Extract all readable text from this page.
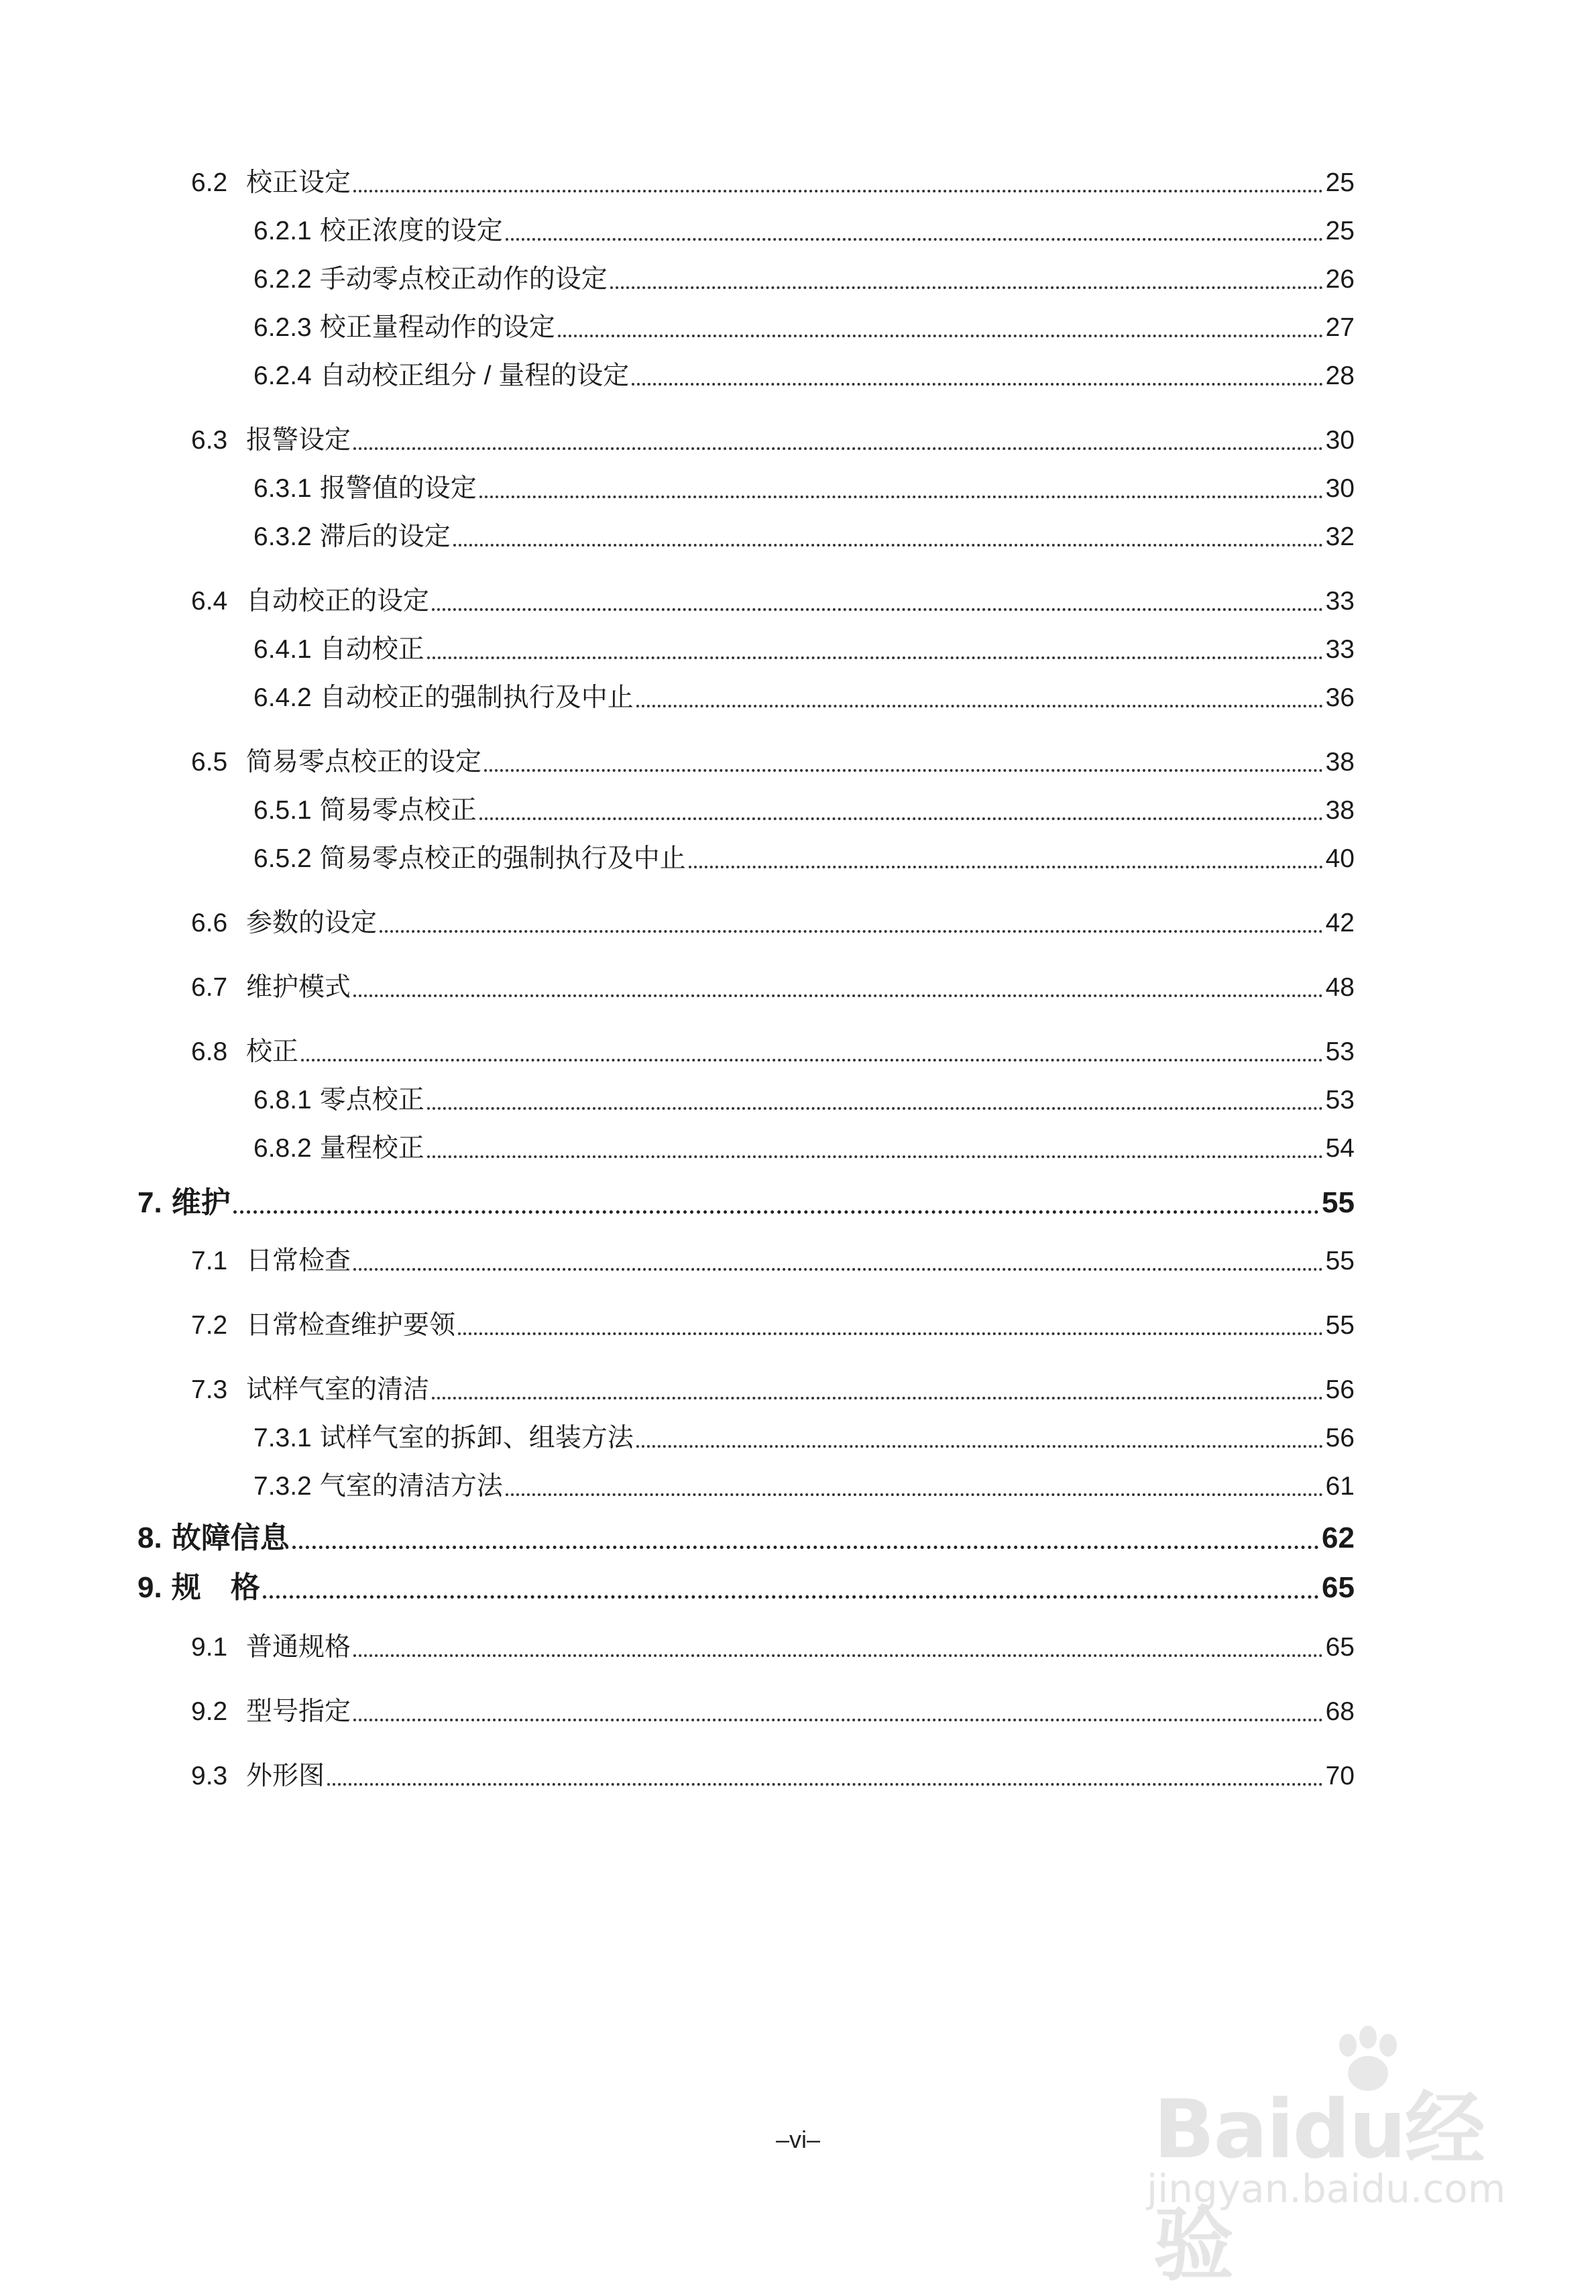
6.2 校正设定	25
6.2.1 校正浓度的设定	25
6.2.2 手动零点校正动作的设定	26
6.2.3 校正量程动作的设定	27
6.2.4 自动校正组分 / 量程的设定	28
6.3 报警设定	30
6.3.1 报警值的设定	30
6.3.2 滞后的设定	32
6.4 自动校正的设定	33
6.4.1 自动校正	33
6.4.2 自动校正的强制执行及中止	36
6.5 简易零点校正的设定	38
6.5.1 简易零点校正	38
6.5.2 简易零点校正的强制执行及中止	40
6.6 参数的设定	42
6.7 维护模式	48
6.8 校正	53
6.8.1 零点校正	53
6.8.2 量程校正	54
7. 维护	55
7.1 日常检查	55
7.2 日常检查维护要领	55
7.3 试样气室的清洁	56
7.3.1 试样气室的拆卸、组装方法	56
7.3.2 气室的清洁方法	61
8. 故障信息	62
9. 规　格	65
9.1 普通规格	65
9.2 型号指定	68
9.3 外形图	70
–vi–	Baidu经验
jingyan.baidu.com
